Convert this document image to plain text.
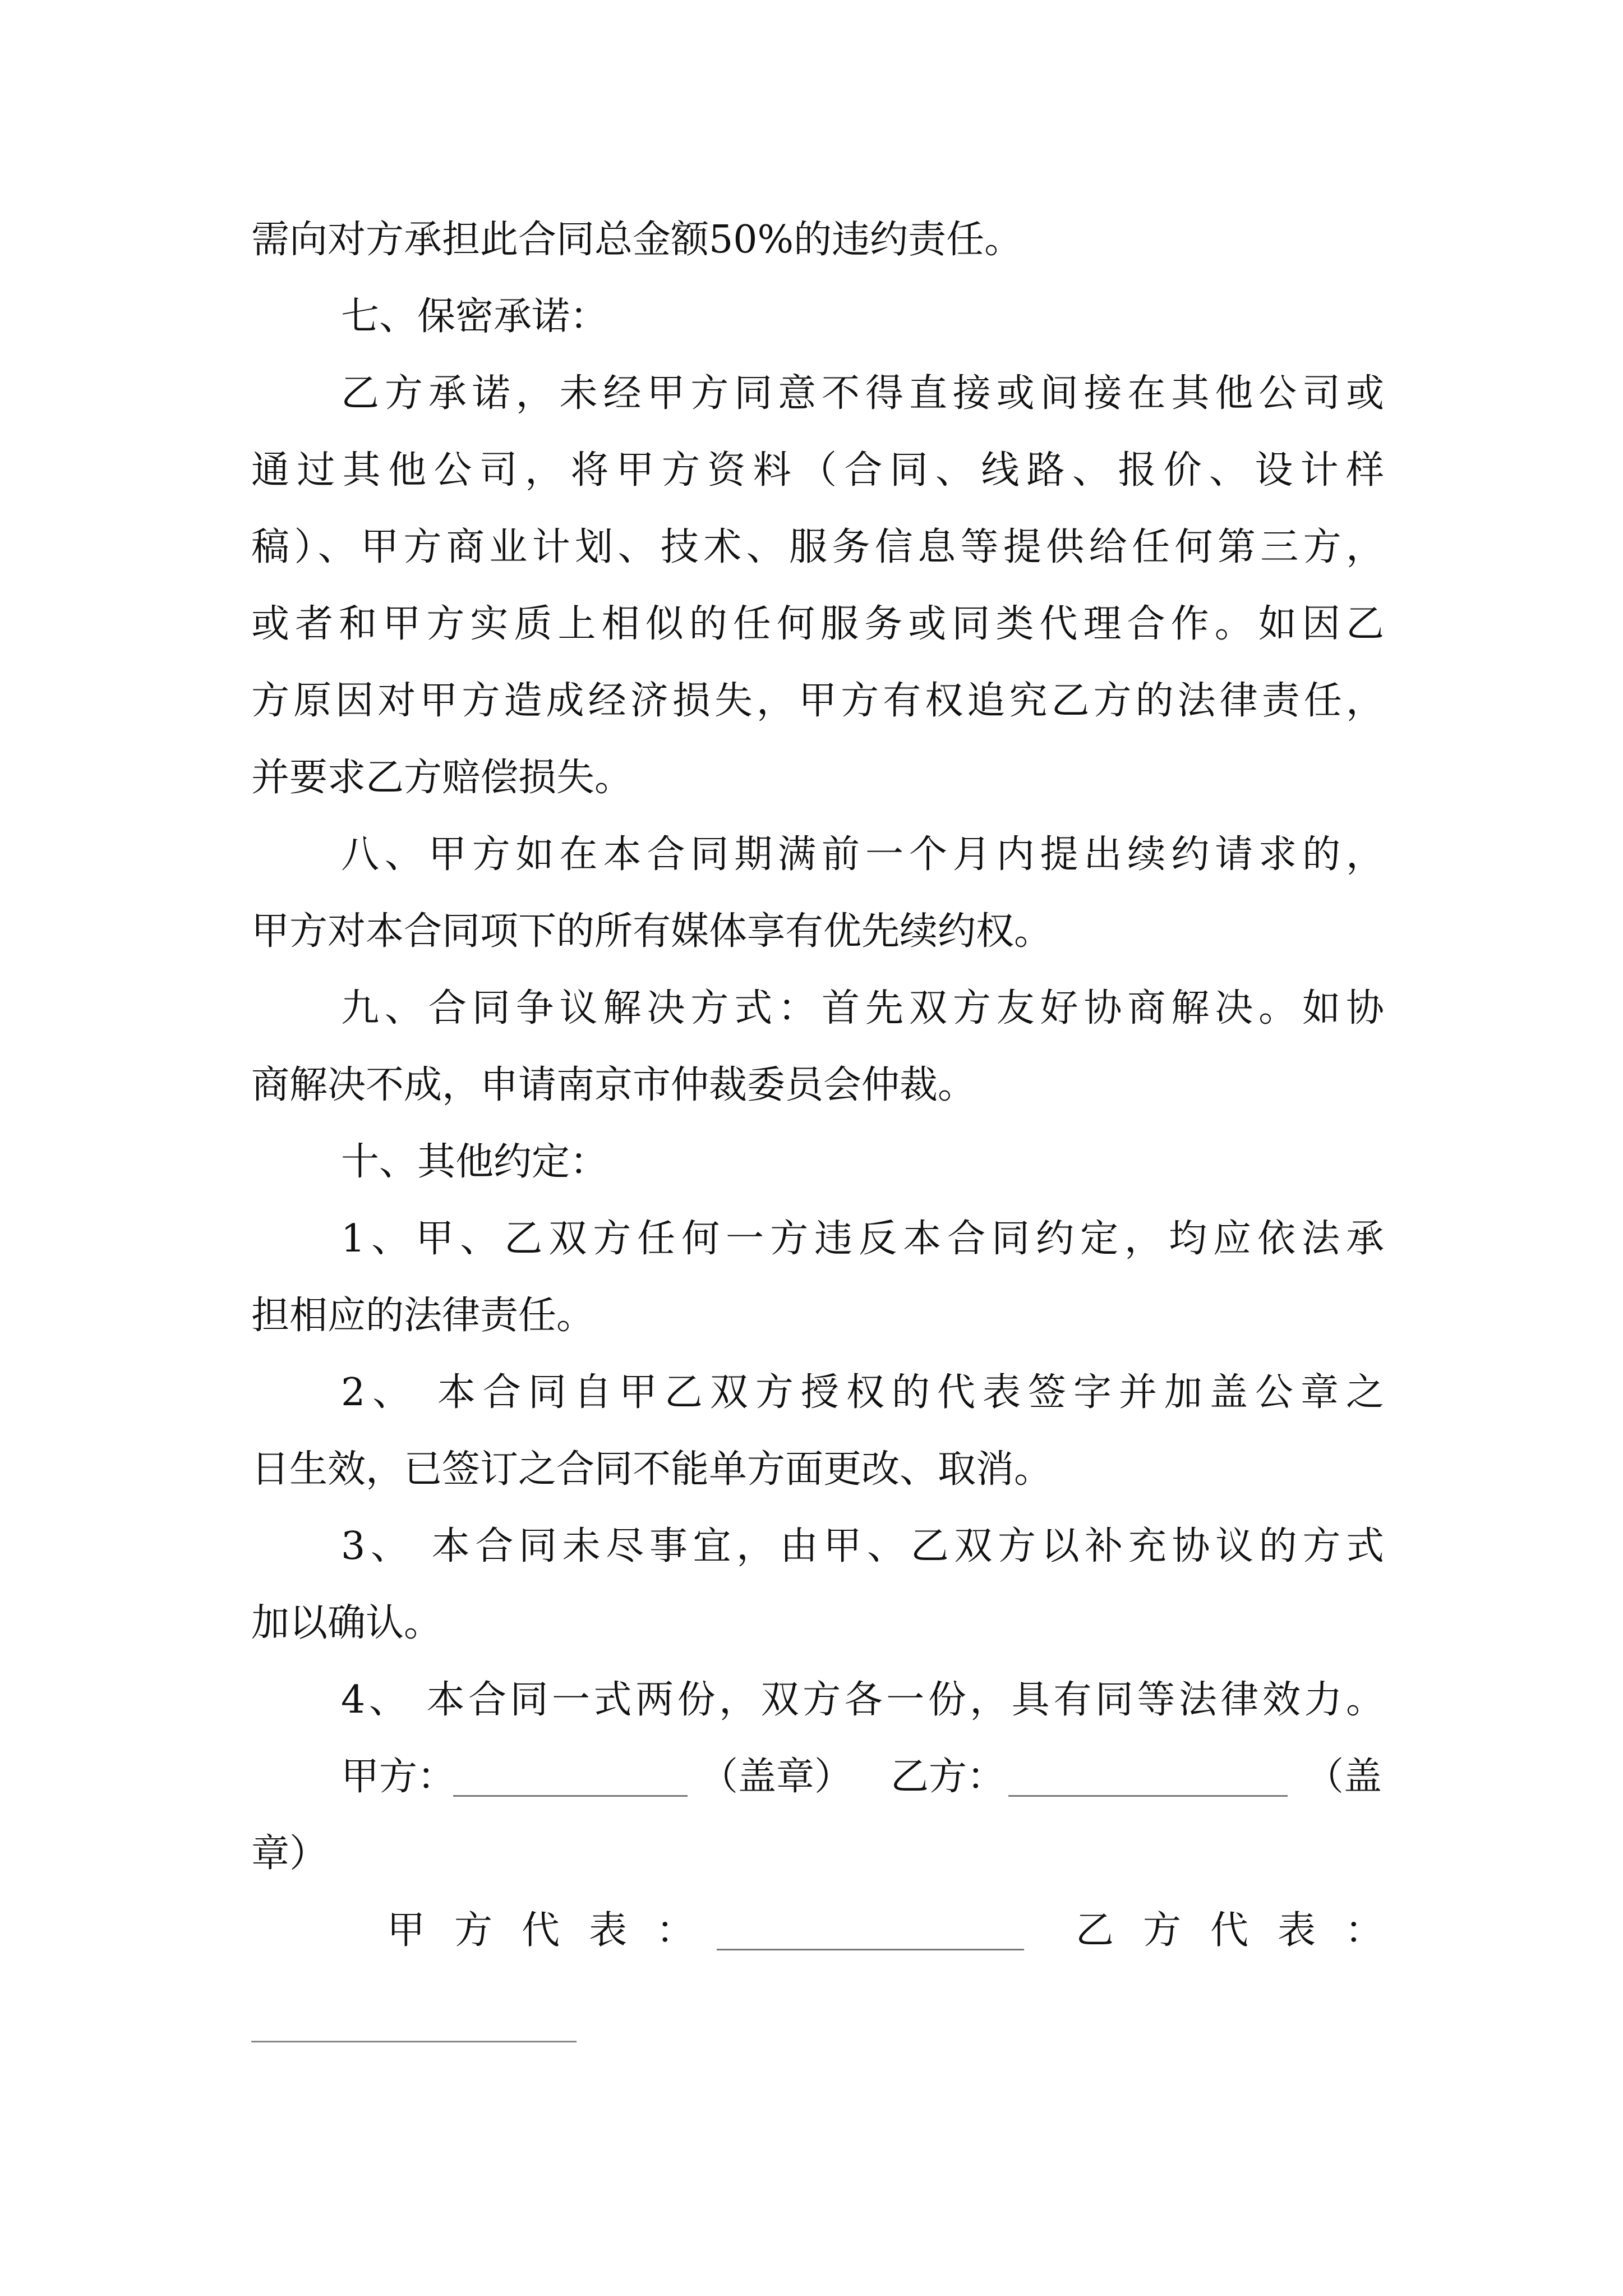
需向对方承担此合同总金额50%的违约责任。
七、保密承诺：
乙方承诺，未经甲方同意不得直接或间接在其他公司或
通过其他公司，将甲方资料（合同、线路、报价、设计样
稿）、甲方商业计划、技术、服务信息等提供给任何第三方，
或者和甲方实质上相似的任何服务或同类代理合作。如因乙
方原因对甲方造成经济损失，甲方有权追究乙方的法律责任，
并要求乙方赔偿损失。
八、甲方如在本合同期满前一个月内提出续约请求的，
甲方对本合同项下的所有媒体享有优先续约权。
九、合同争议解决方式：首先双方友好协商解决。如协
商解决不成，申请南京市仲裁委员会仲裁。
十、其他约定：
1、甲、乙双方任何一方违反本合同约定，均应依法承
担相应的法律责任。
2、 本合同自甲乙双方授权的代表签字并加盖公章之
日生效，已签订之合同不能单方面更改、取消。
3、 本合同未尽事宜，由甲、乙双方以补充协议的方式
加以确认。
4、 本合同一式两份，双方各一份，具有同等法律效力。
甲方：	（盖章） 乙方：	（盖
章）
甲方代表：	乙方代表：
